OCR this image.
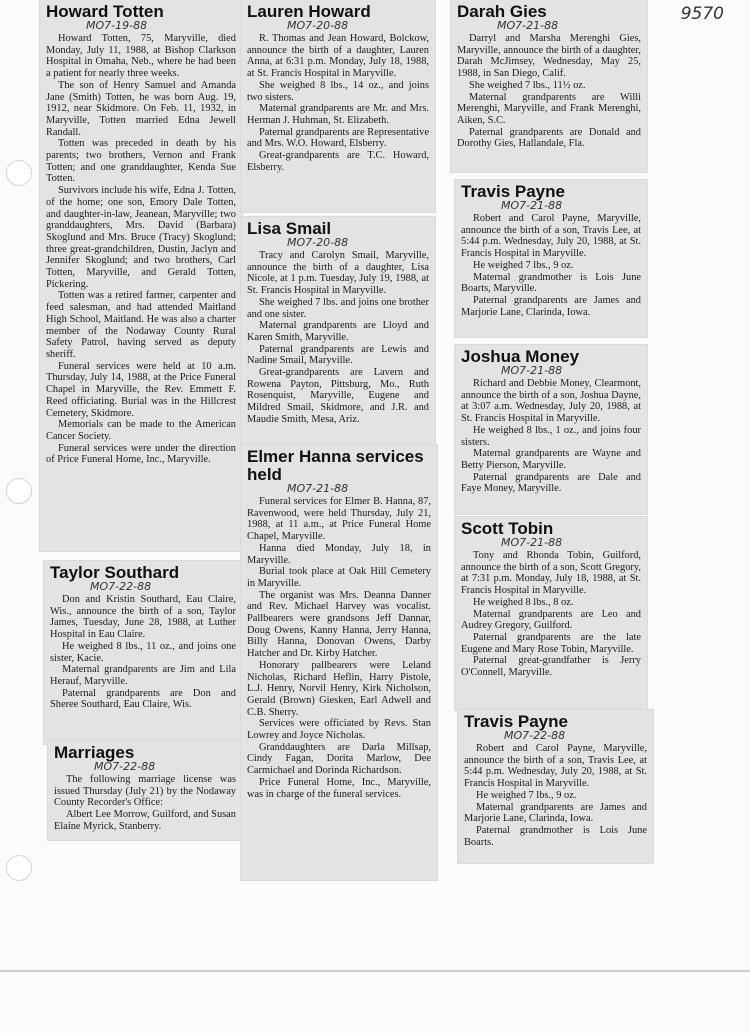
9570
Howard Totten
MO7-19-88

Howard Totten, 75, Maryville, died Monday, July 11, 1988, at Bishop Clarkson Hospital in Omaha, Neb., where he had been a patient for nearly three weeks.

The son of Henry Samuel and Amanda Jane (Smith) Totten, he was born Aug. 19, 1912, near Skidmore. On Feb. 11, 1932, in Maryville, Totten married Edna Jewell Randall.

Totten was preceded in death by his parents; two brothers, Vernon and Frank Totten; and one granddaughter, Kenda Sue Totten.

Survivors include his wife, Edna J. Totten, of the home; one son, Emory Dale Totten, and daughter-in-law, Jeanean, Maryville; two granddaughters, Mrs. David (Barbara) Skoglund and Mrs. Bruce (Tracy) Skoglund; three great-grandchildren, Dustin, Jaclyn and Jennifer Skoglund; and two brothers, Carl Totten, Maryville, and Gerald Totten, Pickering.

Totten was a retired farmer, carpenter and feed salesman, and had attended Maitland High School, Maitland. He was also a charter member of the Nodaway County Rural Safety Patrol, having served as deputy sheriff.

Funeral services were held at 10 a.m. Thursday, July 14, 1988, at the Price Funeral Chapel in Maryville, the Rev. Emmett F. Reed officiating. Burial was in the Hillcrest Cemetery, Skidmore.

Memorials can be made to the American Cancer Society.

Funeral services were under the direction of Price Funeral Home, Inc., Maryville.

Taylor Southard
MO7-22-88

Don and Kristin Southard, Eau Claire, Wis., announce the birth of a son, Taylor James, Tuesday, June 28, 1988, at Luther Hospital in Eau Claire.

He weighed 8 lbs., 11 oz., and joins one sister, Kacie.

Maternal grandparents are Jim and Lila Herauf, Maryville.

Paternal grandparents are Don and Sheree Southard, Eau Claire, Wis.

Marriages
MO7-22-88

The following marriage license was issued Thursday (July 21) by the Nodaway County Recorder's Office:

Albert Lee Morrow, Guilford, and Susan Elaine Myrick, Stanberry.

Lauren Howard
MO7-20-88

R. Thomas and Jean Howard, Bolckow, announce the birth of a daughter, Lauren Anna, at 6:31 p.m. Monday, July 18, 1988, at St. Francis Hospital in Maryville.

She weighed 8 lbs., 14 oz., and joins two sisters.

Maternal grandparents are Mr. and Mrs. Herman J. Huhman, St. Elizabeth.

Paternal grandparents are Representative and Mrs. W.O. Howard, Elsberry.

Great-grandparents are T.C. Howard, Elsberry.

Lisa Smail
MO7-20-88

Tracy and Carolyn Smail, Maryville, announce the birth of a daughter, Lisa Nicole, at 1 p.m. Tuesday, July 19, 1988, at St. Francis Hospital in Maryville.

She weighed 7 lbs. and joins one brother and one sister.

Maternal grandparents are Lloyd and Karen Smith, Maryville.

Paternal grandparents are Lewis and Nadine Smail, Maryville.

Great-grandparents are Lavern and Rowena Payton, Pittsburg, Mo., Ruth Rosenquist, Maryville, Eugene and Mildred Smail, Skidmore, and J.R. and Maudie Smith, Mesa, Ariz.

Elmer Hanna services held
MO7-21-88

Funeral services for Elmer B. Hanna, 87, Ravenwood, were held Thursday, July 21, 1988, at 11 a.m., at Price Funeral Home Chapel, Maryville.

Hanna died Monday, July 18, in Maryville.

Burial took place at Oak Hill Cemetery in Maryville.

The organist was Mrs. Deanna Danner and Rev. Michael Harvey was vocalist. Pallbearers were grandsons Jeff Dannar, Doug Owens, Kanny Hanna, Jerry Hanna, Billy Hanna, Donovan Owens, Darby Hatcher and Dr. Kirby Hatcher.

Honorary pallbearers were Leland Nicholas, Richard Heflin, Harry Pistole, L.J. Henry, Norvil Henry, Kirk Nicholson, Gerald (Brown) Giesken, Earl Adwell and C.B. Sherry.

Services were officiated by Revs. Stan Lowrey and Joyce Nicholas.

Granddaughters are Darla Millsap, Cindy Fagan, Dorita Marlow, Dee Carmichael and Dorinda Richardson.

Price Funeral Home, Inc., Maryville, was in charge of the funeral services.

Darah Gies
MO7-21-88

Darryl and Marsha Merenghi Gies, Maryville, announce the birth of a daughter, Darah McJimsey, Wednesday, May 25, 1988, in San Diego, Calif.

She weighed 7 lbs., 11½ oz.

Maternal grandparents are Willi Merenghi, Maryville, and Frank Merenghi, Aiken, S.C.

Paternal grandparents are Donald and Dorothy Gies, Hallandale, Fla.

Travis Payne
MO7-21-88

Robert and Carol Payne, Maryville, announce the birth of a son, Travis Lee, at 5:44 p.m. Wednesday, July 20, 1988, at St. Francis Hospital in Maryville.

He weighed 7 lbs., 9 oz.

Maternal grandmother is Lois June Boarts, Maryville.

Paternal grandparents are James and Marjorie Lane, Clarinda, Iowa.

Joshua Money
MO7-21-88

Richard and Debbie Money, Clearmont, announce the birth of a son, Joshua Dayne, at 3:07 a.m. Wednesday, July 20, 1988, at St. Francis Hospital in Maryville.

He weighed 8 lbs., 1 oz., and joins four sisters.

Maternal grandparents are Wayne and Betty Pierson, Maryville.

Paternal grandparents are Dale and Faye Money, Maryville.

Scott Tobin
MO7-21-88

Tony and Rhonda Tobin, Guilford, announce the birth of a son, Scott Gregory, at 7:31 p.m. Monday, July 18, 1988, at St. Francis Hospital in Maryville.

He weighed 8 lbs., 8 oz.

Maternal grandparents are Leo and Audrey Gregory, Guilford.

Paternal grandparents are the late Eugene and Mary Rose Tobin, Maryville.

Paternal great-grandfather is Jerry O'Connell, Maryville.

Travis Payne
MO7-22-88

Robert and Carol Payne, Maryville, announce the birth of a son, Travis Lee, at 5:44 p.m. Wednesday, July 20, 1988, at St. Francis Hospital in Maryville.

He weighed 7 lbs., 9 oz.

Maternal grandparents are James and Marjorie Lane, Clarinda, Iowa.

Paternal grandmother is Lois June Boarts.
